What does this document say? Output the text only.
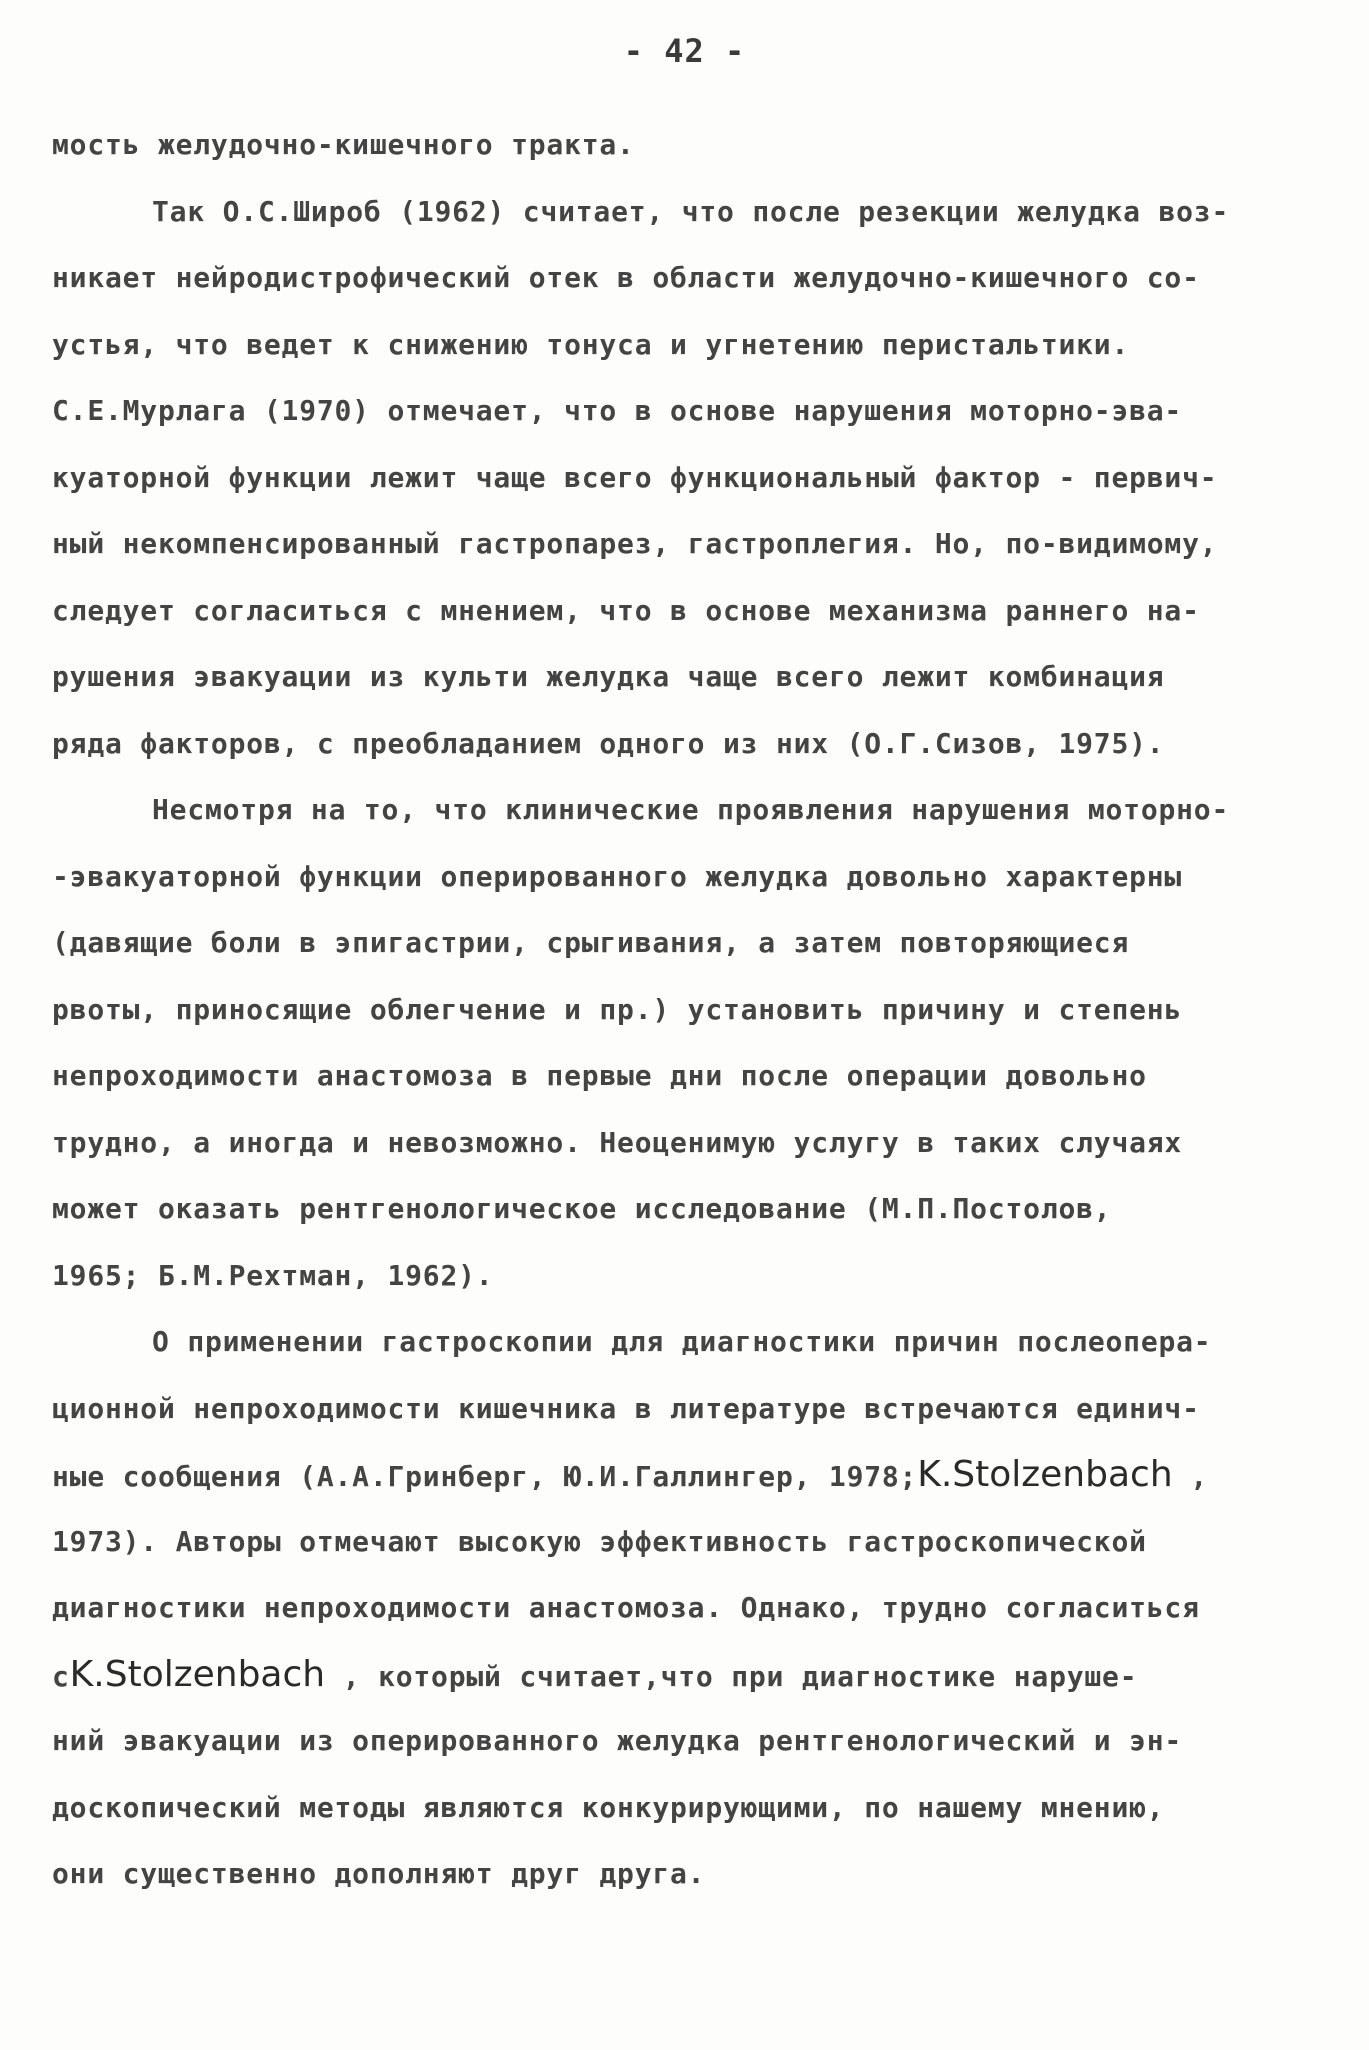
- 42 -
мость желудочно-кишечного тракта.
Так О.С.Широб (1962) считает, что после резекции желудка воз-
никает нейродистрофический отек в области желудочно-кишечного со-
устья, что ведет к снижению тонуса и угнетению перистальтики.
С.Е.Мурлага (1970) отмечает, что в основе нарушения моторно-эва-
куаторной функции лежит чаще всего функциональный фактор - первич-
ный некомпенсированный гастропарез, гастроплегия. Но, по-видимому,
следует согласиться с мнением, что в основе механизма раннего на-
рушения эвакуации из культи желудка чаще всего лежит комбинация
ряда факторов, с преобладанием одного из них (О.Г.Сизов, 1975).
Несмотря на то, что клинические проявления нарушения моторно-
-эвакуаторной функции оперированного желудка довольно характерны
(давящие боли в эпигастрии, срыгивания, а затем повторяющиеся
рвоты, приносящие облегчение и пр.) установить причину и степень
непроходимости анастомоза в первые дни после операции довольно
трудно, а иногда и невозможно. Неоценимую услугу в таких случаях
может оказать рентгенологическое исследование (М.П.Постолов,
1965; Б.М.Рехтман, 1962).
О применении гастроскопии для диагностики причин послеопера-
ционной непроходимости кишечника в литературе встречаются единич-
ные сообщения (А.А.Гринберг, Ю.И.Галлингер, 1978;K.Stolzenbach ,
1973). Авторы отмечают высокую эффективность гастроскопической
диагностики непроходимости анастомоза. Однако, трудно согласиться
сK.Stolzenbach , который считает,что при диагностике наруше-
ний эвакуации из оперированного желудка рентгенологический и эн-
доскопический методы являются конкурирующими, по нашему мнению,
они существенно дополняют друг друга.
